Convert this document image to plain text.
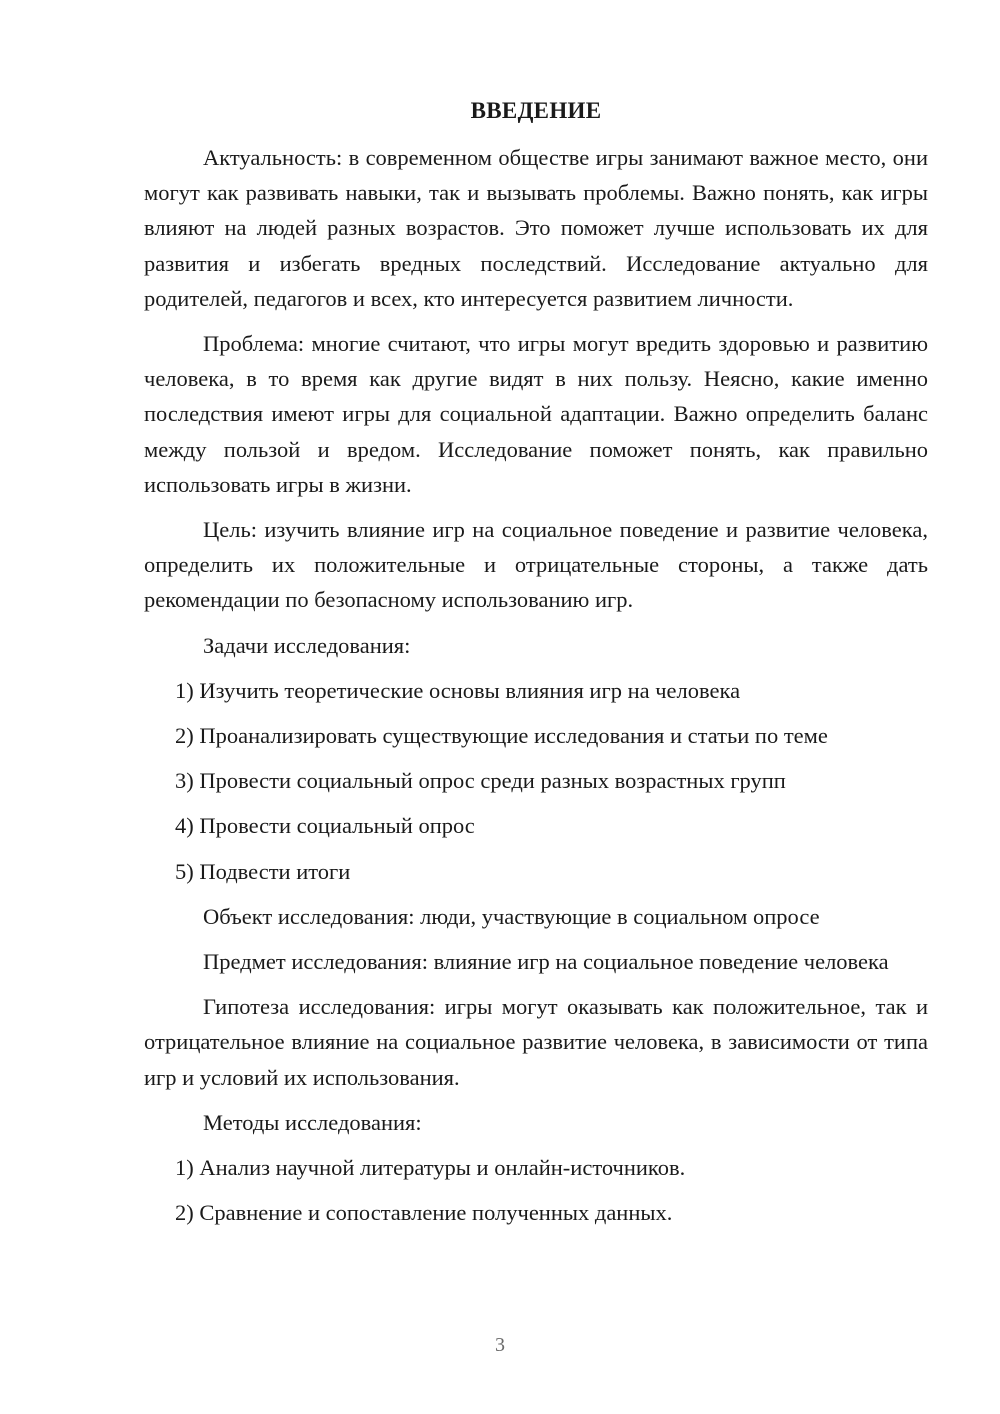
ВВЕДЕНИЕ

Актуальность: в современном обществе игры занимают важное место, они могут как развивать навыки, так и вызывать проблемы. Важно понять, как игры влияют на людей разных возрастов. Это поможет лучше использовать их для развития и избегать вредных последствий. Исследование актуально для родителей, педагогов и всех, кто интересуется развитием личности.

Проблема: многие считают, что игры могут вредить здоровью и развитию человека, в то время как другие видят в них пользу. Неясно, какие именно последствия имеют игры для социальной адаптации. Важно определить баланс между пользой и вредом. Исследование поможет понять, как правильно использовать игры в жизни.

Цель: изучить влияние игр на социальное поведение и развитие человека, определить их положительные и отрицательные стороны, а также дать рекомендации по безопасному использованию игр.

Задачи исследования:
1) Изучить теоретические основы влияния игр на человека
2) Проанализировать существующие исследования и статьи по теме
3) Провести социальный опрос среди разных возрастных групп
4) Провести социальный опрос
5) Подвести итоги
Объект исследования: люди, участвующие в социальном опросе

Предмет исследования: влияние игр на социальное поведение человека

Гипотеза исследования: игры могут оказывать как положительное, так и отрицательное влияние на социальное развитие человека, в зависимости от типа игр и условий их использования.

Методы исследования:
1) Анализ научной литературы и онлайн-источников.
2) Сравнение и сопоставление полученных данных.
3
